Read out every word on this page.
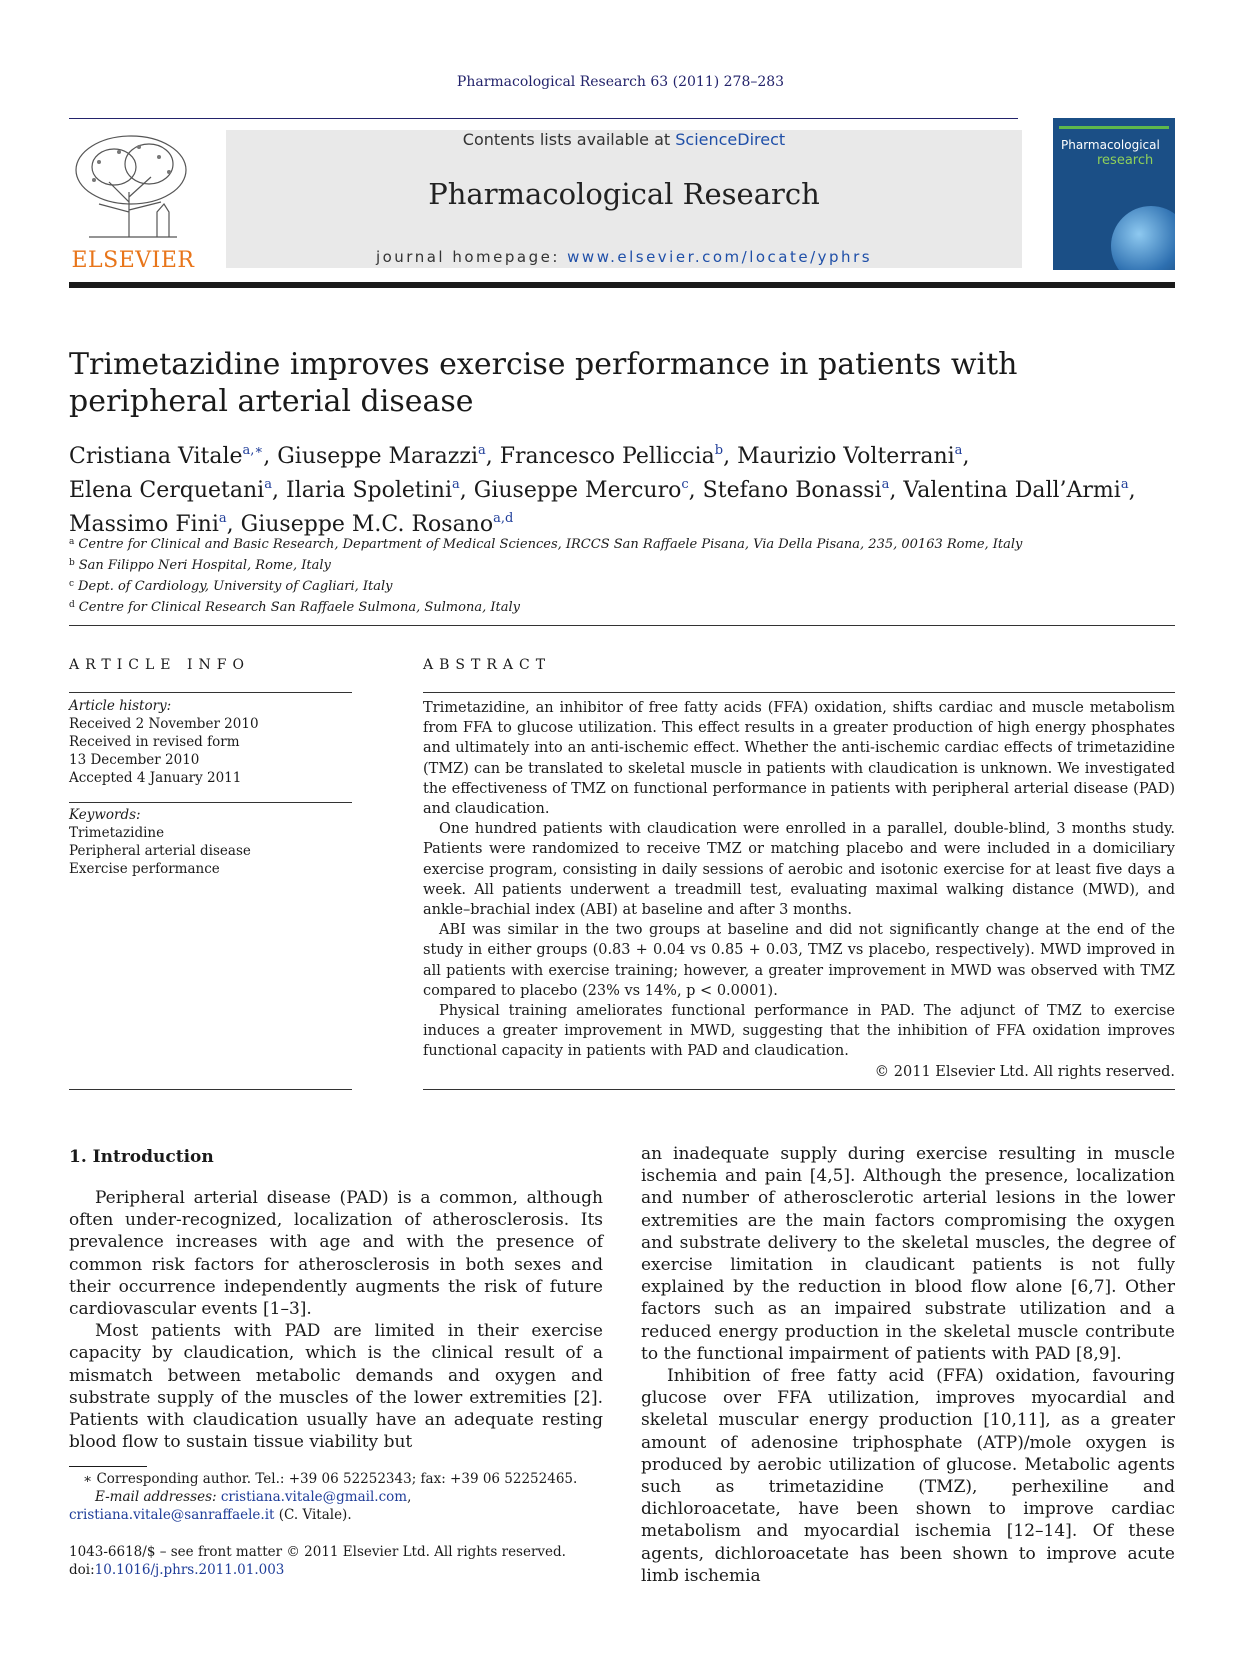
Pharmacological Research 63 (2011) 278–283
ELSEVIER
Contents lists available at ScienceDirect
Pharmacological Research
journal homepage: www.elsevier.com/locate/yphrs
Pharmacological
research
Trimetazidine improves exercise performance in patients with peripheral arterial disease
Cristiana Vitale$^{a,∗}$, Giuseppe Marazzi$^a$, Francesco Pelliccia$^b$, Maurizio Volterrani$^a$,
Elena Cerquetani$^a$, Ilaria Spoletini$^a$, Giuseppe Mercuro$^c$, Stefano Bonassi$^a$, Valentina Dall’Armi$^a$,
Massimo Fini$^a$, Giuseppe M.C. Rosano$^{a,d}$
$^a$ Centre for Clinical and Basic Research, Department of Medical Sciences, IRCCS San Raffaele Pisana, Via Della Pisana, 235, 00163 Rome, Italy
$^b$ San Filippo Neri Hospital, Rome, Italy
$^c$ Dept. of Cardiology, University of Cagliari, Italy
$^d$ Centre for Clinical Research San Raffaele Sulmona, Sulmona, Italy
ARTICLE INFO
Article history:
Received 2 November 2010
Received in revised form
13 December 2010
Accepted 4 January 2011
Keywords:
Trimetazidine
Peripheral arterial disease
Exercise performance
ABSTRACT

Trimetazidine, an inhibitor of free fatty acids (FFA) oxidation, shifts cardiac and muscle metabolism from FFA to glucose utilization. This effect results in a greater production of high energy phosphates and ultimately into an anti-ischemic effect. Whether the anti-ischemic cardiac effects of trimetazidine (TMZ) can be translated to skeletal muscle in patients with claudication is unknown. We investigated the effectiveness of TMZ on functional performance in patients with peripheral arterial disease (PAD) and claudication.

One hundred patients with claudication were enrolled in a parallel, double-blind, 3 months study. Patients were randomized to receive TMZ or matching placebo and were included in a domiciliary exercise program, consisting in daily sessions of aerobic and isotonic exercise for at least five days a week. All patients underwent a treadmill test, evaluating maximal walking distance (MWD), and ankle–brachial index (ABI) at baseline and after 3 months.

ABI was similar in the two groups at baseline and did not significantly change at the end of the study in either groups (0.83 + 0.04 vs 0.85 + 0.03, TMZ vs placebo, respectively). MWD improved in all patients with exercise training; however, a greater improvement in MWD was observed with TMZ compared to placebo (23% vs 14%, p < 0.0001).

Physical training ameliorates functional performance in PAD. The adjunct of TMZ to exercise induces a greater improvement in MWD, suggesting that the inhibition of FFA oxidation improves functional capacity in patients with PAD and claudication.

© 2011 Elsevier Ltd. All rights reserved.
1. Introduction

Peripheral arterial disease (PAD) is a common, although often under-recognized, localization of atherosclerosis. Its prevalence increases with age and with the presence of common risk factors for atherosclerosis in both sexes and their occurrence independently augments the risk of future cardiovascular events [1–3].

Most patients with PAD are limited in their exercise capacity by claudication, which is the clinical result of a mismatch between metabolic demands and oxygen and substrate supply of the muscles of the lower extremities [2]. Patients with claudication usually have an adequate resting blood flow to sustain tissue viability but

an inadequate supply during exercise resulting in muscle ischemia and pain [4,5]. Although the presence, localization and number of atherosclerotic arterial lesions in the lower extremities are the main factors compromising the oxygen and substrate delivery to the skeletal muscles, the degree of exercise limitation in claudicant patients is not fully explained by the reduction in blood flow alone [6,7]. Other factors such as an impaired substrate utilization and a reduced energy production in the skeletal muscle contribute to the functional impairment of patients with PAD [8,9].

Inhibition of free fatty acid (FFA) oxidation, favouring glucose over FFA utilization, improves myocardial and skeletal muscular energy production [10,11], as a greater amount of adenosine triphosphate (ATP)/mole oxygen is produced by aerobic utilization of glucose. Metabolic agents such as trimetazidine (TMZ), perhexiline and dichloroacetate, have been shown to improve cardiac metabolism and myocardial ischemia [12–14]. Of these agents, dichloroacetate has been shown to improve acute limb ischemia

∗ Corresponding author. Tel.: +39 06 52252343; fax: +39 06 52252465.
E-mail addresses: cristiana.vitale@gmail.com,
cristiana.vitale@sanraffaele.it (C. Vitale).
1043-6618/$ – see front matter © 2011 Elsevier Ltd. All rights reserved.
doi:10.1016/j.phrs.2011.01.003
